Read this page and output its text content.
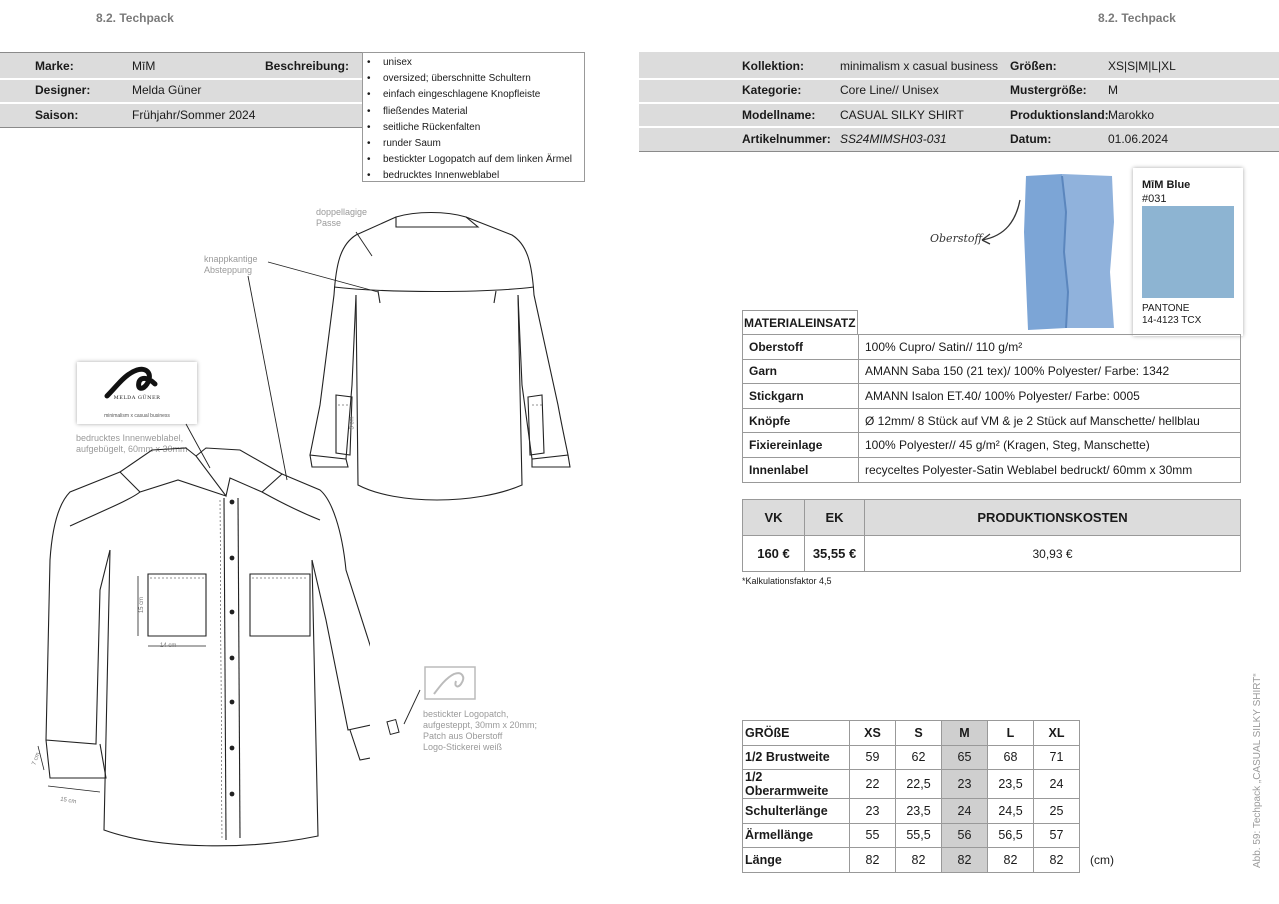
8.2. Techpack	8.2. Techpack
Marke:	MīM	Beschreibung:
Designer:	Melda Güner
Saison:	Frühjahr/Sommer 2024
• unisex
• oversized; überschnitte Schultern
• einfach eingeschlagene Knopfleiste
• fließendes Material
• seitliche Rückenfalten
• runder Saum
• bestickter Logopatch auf dem linken Ärmel
• bedrucktes Innenweblabel
Kollektion:	minimalism x casual business Größen:	XS|S|M|L|XL
Kategorie:	Core Line// Unisex	Mustergröße: M
Modellname: CASUAL SILKY SHIRT	Produktionsland: Marokko
Artikelnummer: SS24MIMSH03-031	Datum:	01.06.2024
Oberstoff
MīM Blue
#031
PANTONE
14-4123 TCX
MATERIALEINSATZ
Oberstoff	100% Cupro/ Satin// 110 g/m²
Garn	AMANN Saba 150 (21 tex)/ 100% Polyester/ Farbe: 1342
Stickgarn	AMANN Isalon ET.40/ 100% Polyester/ Farbe: 0005
Knöpfe	Ø 12mm/ 8 Stück auf VM & je 2 Stück auf Manschette/ hellblau
Fixiereinlage	100% Polyester// 45 g/m² (Kragen, Steg, Manschette)
Innenlabel	recyceltes Polyester-Satin Weblabel bedruckt/ 60mm x 30mm
VK	EK	PRODUKTIONSKOSTEN
160 €	35,55 €	30,93 €
*Kalkulationsfaktor 4,5
GRÖßE	XS	S	M	L	XL	
1/2 Brustweite	59	62	65	68	71	
1/2 Oberarmweite	22	22,5	23	23,5	24	
Schulterlänge	23	23,5	24	24,5	25	
Ärmellänge	55	55,5	56	56,5	57	
Länge	82	82	82	82	82	(cm)	Abb. 59: Techpack „CASUAL SILKY SHIRT“
doppellagige
Passe
knappkantige
Absteppung
bedrucktes Innenweblabel,
aufgebügelt, 60mm x 30mm
bestickter Logopatch,
aufgesteppt, 30mm x 20mm;
Patch aus Oberstoff
Logo-Stickerei weiß
MELDA GÜNER
minimalism x casual business
14 cm
15 cm
15 cm
7 cm
3 cm
